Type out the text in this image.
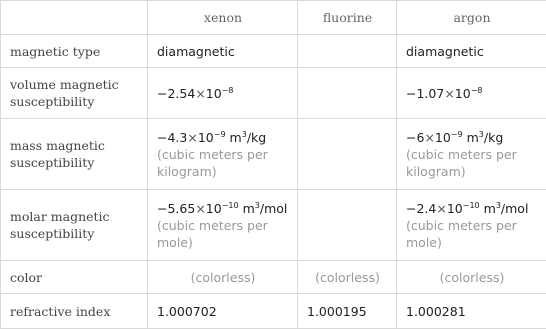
	xenon	fluorine	argon
magnetic type	diamagnetic		diamagnetic
volume magnetic susceptibility	$-2.54\times 10^{-8}$		$-1.07\times 10^{-8}$
mass magnetic susceptibility	$-4.3\times 10^{-9}$ $m^3/kg$ (cubic meters per kilogram)		$-6\times 10^{-9}$ $m^3/kg$ (cubic meters per kilogram)
molar magnetic susceptibility	$-5.65\times 10^{-10}$ $m^3$/mol (cubic meters per mole)		$-2.4\times 10^{-10}$ $m^3$/mol (cubic meters per mole)
color	(colorless)	(colorless)	(colorless)
refractive index	1.000702	1.000195	1.000281
